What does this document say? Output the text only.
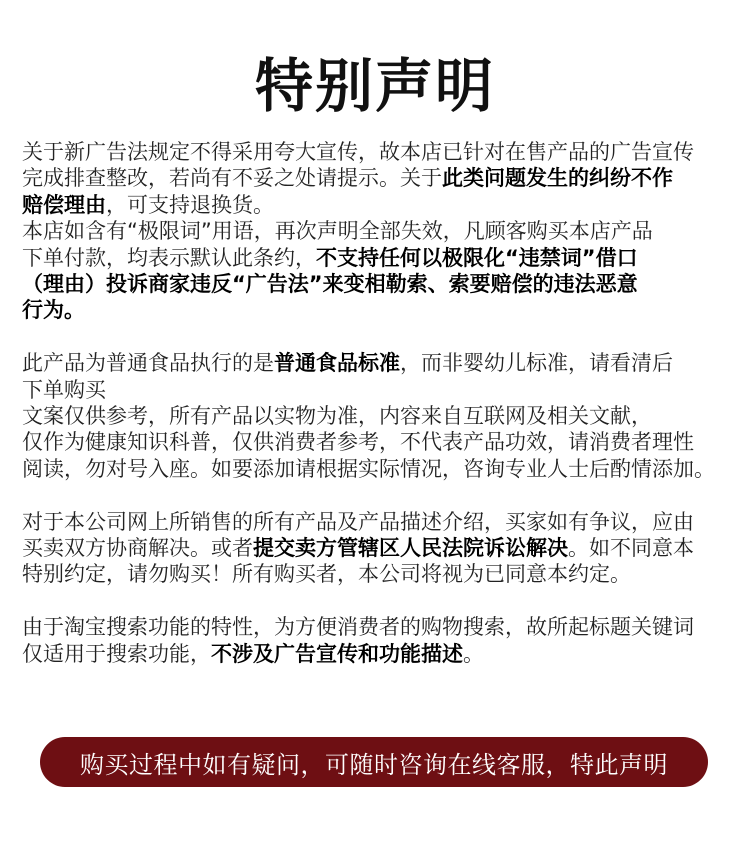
特别声明

关于新广告法规定不得采用夸大宣传，故本店已针对在售产品的广告宣传

完成排查整改，若尚有不妥之处请提示。关于此类问题发生的纠纷不作

赔偿理由，可支持退换货。

本店如含有“极限词”用语，再次声明全部失效，凡顾客购买本店产品

下单付款，均表示默认此条约，不支持任何以极限化“违禁词”借口

（理由）投诉商家违反“广告法”来变相勒索、索要赔偿的违法恶意

行为。

此产品为普通食品执行的是普通食品标准，而非婴幼儿标准，请看清后

下单购买

文案仅供参考，所有产品以实物为准，内容来自互联网及相关文献，

仅作为健康知识科普，仅供消费者参考，不代表产品功效，请消费者理性

阅读，勿对号入座。如要添加请根据实际情况，咨询专业人士后酌情添加。

对于本公司网上所销售的所有产品及产品描述介绍，买家如有争议，应由

买卖双方协商解决。或者提交卖方管辖区人民法院诉讼解决。如不同意本

特别约定，请勿购买！所有购买者，本公司将视为已同意本约定。

由于淘宝搜索功能的特性，为方便消费者的购物搜索，故所起标题关键词

仅适用于搜索功能，不涉及广告宣传和功能描述。

购买过程中如有疑问，可随时咨询在线客服，特此声明
